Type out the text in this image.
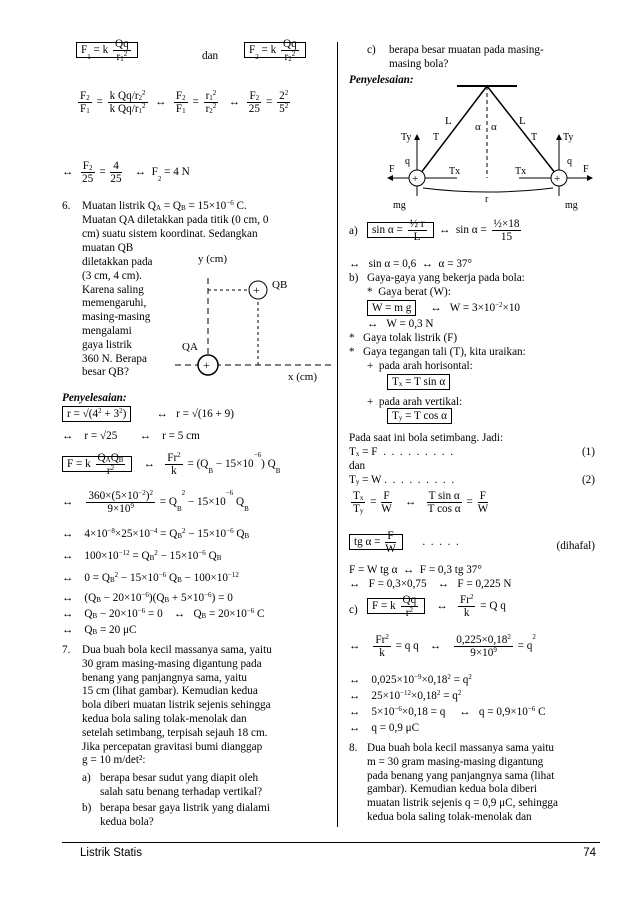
$F_1 = k \frac{Qq}{r_1^2}$	dan	$F_2 = k \frac{Qq}{r_2^2}$
$\frac{F_2}{F_1} = \frac{k Qq/r_2^2}{k Qq/r_1^2}$ ↔ $\frac{F_2}{F_1} = \frac{r_1^2}{r_2^2}$ ↔ $\frac{F_2}{25} = \frac{2^2}{5^2}$
↔ $\frac{F_2}{25} = \frac{4}{25}$ ↔  $F_2 = 4$ N
6. Muatan listrik $Q_A = Q_B = 15\times 10^{-6}$ C.
Muatan QA diletakkan pada titik (0 cm, 0
cm) suatu sistem koordinat. Sedangkan
muatan QB
diletakkan pada
(3 cm, 4 cm).
Karena saling
memengaruhi,
masing-masing
mengalami
gaya listrik
360 N. Berapa
besar QB?
y (cm)
+ QB
+
QA
x (cm)
Penyelesaian:
$r = √(4^2 + 3^2)$         ↔   r = √(16 + 9)
↔    r = √25        ↔    r = 5 cm
F = k $\frac{Q_AQ_B}{r^2}$ ↔ $\frac{Fr^2}{k} = (Q_B - 15\times 10^{-6})$ $Q_B$
↔ $\frac{360\times(5\times 10^{-2})^2}{9\times 10^9} = Q_B^2 - 15\times 10^{-6}$ $Q_B$
↔    $4\times 10^{-8}\times 25\times 10^{-4} = Q_B^2 - 15\times 10^{-6}$ $Q_B$
↔    $100\times 10^{-12} = Q_B^2 - 15\times 10^{-6}$ $Q_B$
↔    $0 = Q_B^2 - 15\times 10^{-6}$ $Q_B - 100\times 10^{-12}$
↔    $(Q_B - 20\times 10^{-6})(Q_B + 5\times 10^{-6}) = 0$
↔    $Q_B - 20\times 10^{-6} = 0$    ↔   $Q_B = 20\times 10^{-6}$ C
↔    $Q_B = 20$ μC
7. Dua buah bola kecil massanya sama, yaitu
30 gram masing-masing digantung pada
benang yang panjangnya sama, yaitu
15 cm (lihat gambar). Kemudian kedua
bola diberi muatan listrik sejenis sehingga
kedua bola saling tolak-menolak dan
setelah setimbang, terpisah sejauh 18 cm.
Jika percepatan gravitasi bumi dianggap
g = 10 m/det²:
a) berapa besar sudut yang diapit oleh
salah satu benang terhadap vertikal?
b) berapa besar gaya listrik yang dialami
kedua bola?
c) berapa besar muatan pada masing-
masing bola?
Penyelesaian:
L	L
α α
T	T
Ty	Ty
Tx	Tx
F	F
q	q
+	+
mg	mg
r
a)	$\sin \alpha = \frac{\text{½ r}}{L}$ ↔  $\sin \alpha = \frac{\text{½×18}}{15}$
↔   sin α = 0,6  ↔  α = 37°
b) Gaya-gaya yang bekerja pada bola:
*  Gaya berat (W):
W = m g     ↔   $W = 3\times 10^{-2}\times 10$
↔   W = 0,3 N
*   Gaya tolak listrik (F)
*   Gaya tegangan tali (T), kita uraikan:
+  pada arah horisontal:
$T_x = T$ sin α
+  pada arah vertikal:
$T_y = T$ cos α
Pada saat ini bola setimbang. Jadi:
$T_x = F$  .  .  .  .  .  .  .  .  .	(1)
dan
$T_y = W$ .  .  .  .  .  .  .  .  .	(2)
$\frac{T_x}{T_y} = \frac{F}{W}$ ↔ $\frac{\text{T sin α}}{\text{T cos α}} = \frac{F}{W}$
tg $\alpha = \frac{F}{W}$ .  .  .  .  .	(dihafal)
F = W tg α  ↔  F = 0,3 tg 37°
↔   F = 0,3×0,75    ↔   F = 0,225 N
c)	F = k $\frac{Qq}{r^2}$ ↔ $\frac{Fr^2}{k} = Q$ q
↔ $\frac{Fr^2}{k} = q$ q    ↔ $\frac{0,225\times 0,18^2}{9\times 10^9} = q^2$
↔    $0,025\times 10^{-9}\times 0,18^2 = q^2$
↔    $25\times 10^{-12}\times 0,18^2 = q^2$
↔    $5\times 10^{-6}\times 0,18 = q$     ↔   $q = 0,9\times 10^{-6}$ C
↔    q = 0,9 μC
8. Dua buah bola kecil massanya sama yaitu
m = 30 gram masing-masing digantung
pada benang yang panjangnya sama (lihat
gambar). Kemudian kedua bola diberi
muatan listrik sejenis q = 0,9 μC, sehingga
kedua bola saling tolak-menolak dan
Listrik Statis	74
